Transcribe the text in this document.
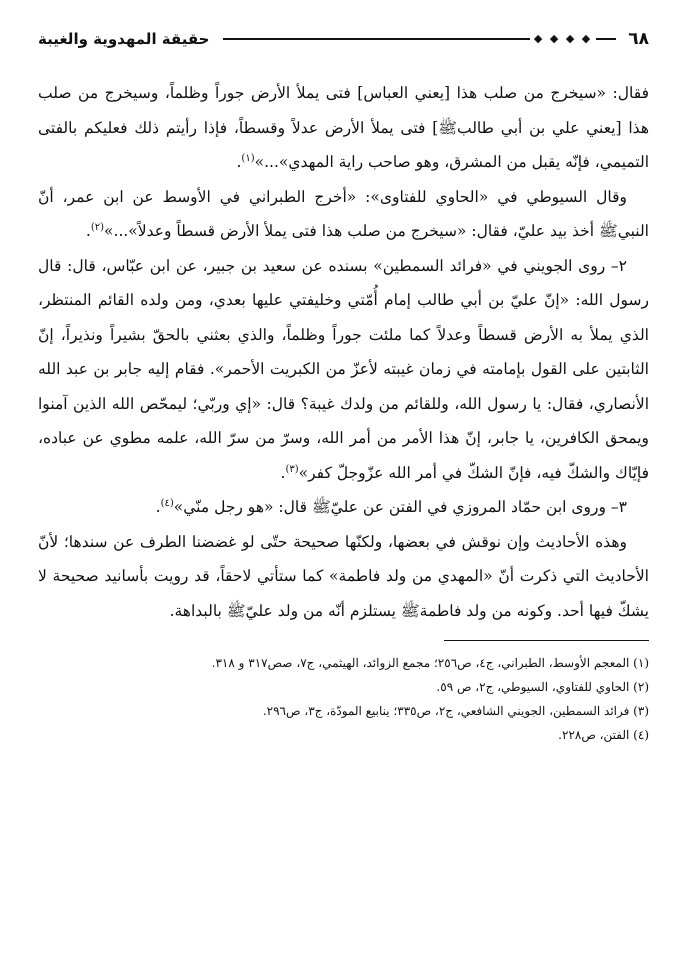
٦٨
◆ ◆ ◆ ◆
حقيقة المهدوية والغيبة

فقال: «سيخرج من صلب هذا [يعني العباس] فتى يملأ الأرض جوراً وظلماً، وسيخرج من صلب هذا [يعني علي بن أبي طالبﷺ] فتى يملأ الأرض عدلاً وقسطاً، فإذا رأيتم ذلك فعليكم بالفتى التميمي، فإنّه يقبل من المشرق، وهو صاحب راية المهدي»...»$^{(١)}$.

وقال السيوطي في «الحاوي للفتاوى»: «أخرج الطبراني في الأوسط عن ابن عمر، أنّ النبيﷺ أخذ بيد عليّ، فقال: «سيخرج من صلب هذا فتى يملأ الأرض قسطاً وعدلاً»...»$^{(٢)}$.

٢– روى الجويني في «فرائد السمطين» بسنده عن سعيد بن جبير، عن ابن عبّاس، قال: قال رسول الله: «إنّ عليّ بن أبي طالب إمام أُمّتي وخليفتي عليها بعدي، ومن ولده القائم المنتظر، الذي يملأ به الأرض قسطاً وعدلاً كما ملئت جوراً وظلماً، والذي بعثني بالحقّ بشيراً ونذيراً، إنّ الثابتين على القول بإمامته في زمان غيبته لأعزّ من الكبريت الأحمر». فقام إليه جابر بن عبد الله الأنصاري، فقال: يا رسول الله، وللقائم من ولدك غيبة؟ قال: «إي وربّي؛ ليمحّص الله الذين آمنوا ويمحق الكافرين، يا جابر، إنّ هذا الأمر من أمر الله، وسرّ من سرّ الله، علمه مطوي عن عباده، فإيّاك والشكّ فيه، فإنّ الشكّ في أمر الله عزّوجلّ كفر»$^{(٣)}$.

٣– وروى ابن حمّاد المروزي في الفتن عن عليّﷺ قال: «هو رجل منّي»$^{(٤)}$.

وهذه الأحاديث وإن نوقش في بعضها، ولكنّها صحيحة حتّى لو غضضنا الطرف عن سندها؛ لأنّ الأحاديث التي ذكرت أنّ «المهدي من ولد فاطمة» كما ستأتي لاحقاً، قد رويت بأسانيد صحيحة لا يشكّ فيها أحد. وكونه من ولد فاطمةﷺ يستلزم أنّه من ولد عليّﷺ بالبداهة.

(١) المعجم الأوسط، الطبراني، ج٤، ص٢٥٦؛ مجمع الزوائد، الهيثمي، ج٧، صص٣١٧ و ٣١٨.

(٢) الحاوي للفتاوي، السيوطي، ج٢، ص ٥٩.

(٣) فرائد السمطين، الجويني الشافعي، ج٢، ص٣٣٥؛ ينابيع المودّة، ج٣، ص٢٩٦.

(٤) الفتن، ص٢٢٨.
